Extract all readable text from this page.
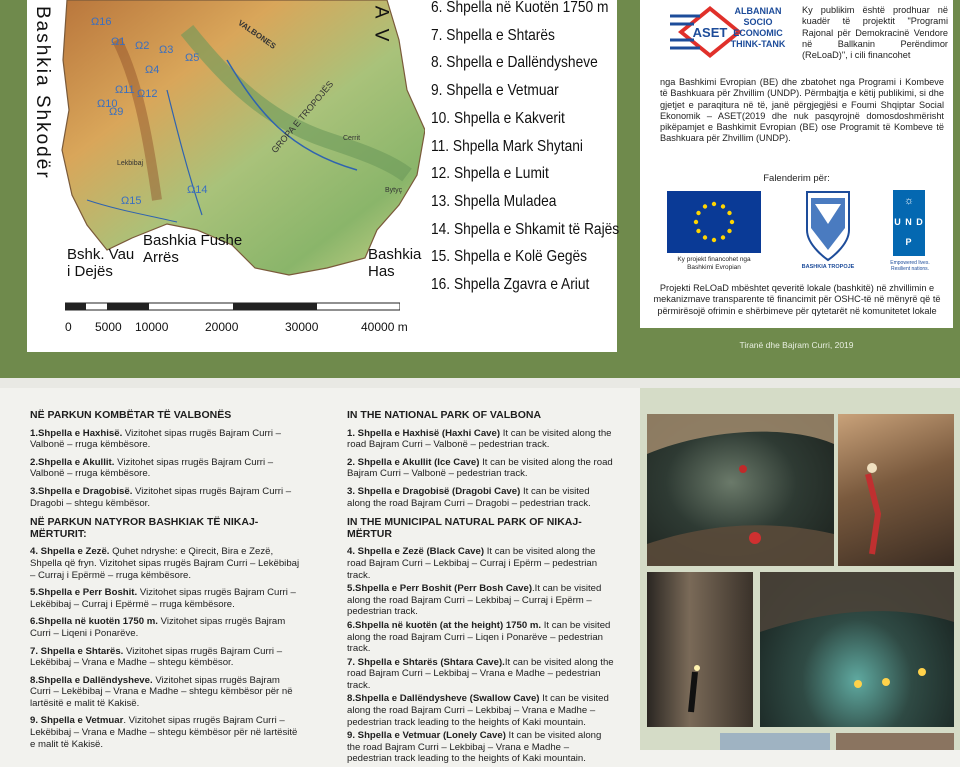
Bashkia Shkodër	A V
VALBONES
GROPA E TROPOJËS Cerrit
Lekbibaj
Bytyç
Bashkia Fushe Arrës
Bshk. Vau i Dejës
Bashkia Has
Ω16
Ω1 Ω2 Ω3
Ω5
Ω4
Ω11 Ω12
Ω10
Ω9
Ω14
Ω15
0 5000 10000	20000	30000	40000 m
6. Shpella në Kuotën 1750 m
7. Shpella e Shtarës
8. Shpella e Dallëndysheve
9. Shpella e Vetmuar
10. Shpella e Kakverit
11. Shpella Mark Shytani
12. Shpella e Lumit
13. Shpella Muladea
14. Shpella e Shkamit të Rajës
15. Shpella e Kolë Gegës
16. Shpella Zgavra e Ariut
ASET
ALBANIAN SOCIO ECONOMIC THINK-TANK
Ky publikim është prodhuar në kuadër të projektit "Programi Rajonal për Demokracinë Vendore në Ballkanin Perëndimor (ReLoaD)", i cili financohet
nga Bashkimi Evropian (BE) dhe zbatohet nga Programi i Kombeve të Bashkuara për Zhvillim (UNDP). Përmbajtja e këtij publikimi, si dhe gjetjet e paraqitura në të, janë përgjegjësi e Foumi Shqiptar Social Ekonomik – ASET(2019 dhe nuk pasqyrojnë domosdoshmërisht pikëpamjet e Bashkimit Evropian (BE) ose Programit të Kombeve të Bashkuara për Zhvillim (UNDP).
Falenderim për:
Ky projekt financohet nga Bashkimi Evropian	BASHKIA TROPOJE
☼
U N D P
Empowered lives. Resilient nations.
Projekti ReLOaD mbështet qeveritë lokale (bashkitë) në zhvillimin e mekanizmave transparente të financimit për OSHC-të në mënyrë që të përmirësojë ofrimin e shërbimeve për qytetarët në komunitetet lokale
Tiranë dhe Bajram Curri, 2019
NË PARKUN KOMBËTAR TË VALBONËS

1.Shpella e Haxhisë. Vizitohet sipas rrugës Bajram Curri – Valbonë – rruga këmbësore.

2.Shpella e Akullit. Vizitohet sipas rrugës Bajram Curri – Valbonë – rruga këmbësore.

3.Shpella e Dragobisë. Vizitohet sipas rrugës Bajram Curri – Dragobi – shtegu këmbësor.

NË PARKUN NATYROR BASHKIAK TË NIKAJ-MËRTURIT:

4. Shpella e Zezë. Quhet ndryshe: e Qirecit, Bira e Zezë, Shpella që fryn. Vizitohet sipas rrugës Bajram Curri – Lekëbibaj – Curraj i Epërmë – rruga këmbësore.

5.Shpella e Perr Boshit. Vizitohet sipas rrugës Bajram Curri – Lekëbibaj – Curraj i Epërmë – rruga këmbësore.

6.Shpella në kuotën 1750 m. Vizitohet sipas rrugës Bajram Curri – Liqeni i Ponarëve.

7. Shpella e Shtarës. Vizitohet sipas rrugës Bajram Curri – Lekëbibaj – Vrana e Madhe – shtegu këmbësor.

8.Shpella e Dallëndysheve. Vizitohet sipas rrugës Bajram Curri – Lekëbibaj – Vrana e Madhe – shtegu këmbësor për në lartësitë e malit të Kakisë.

9. Shpella e Vetmuar. Vizitohet sipas rrugës Bajram Curri – Lekëbibaj – Vrana e Madhe – shtegu këmbësor për në lartësitë e malit të Kakisë.

IN THE NATIONAL PARK OF VALBONA

1. Shpella e Haxhisë (Haxhi Cave) It can be visited along the road Bajram Curri – Valbonë – pedestrian track.

2. Shpella e Akullit (Ice Cave) It can be visited along the road Bajram Curri – Valbonë – pedestrian track.

3. Shpella e Dragobisë (Dragobi Cave) It can be visited along the road Bajram Curri – Dragobi – pedestrian track.

IN THE MUNICIPAL NATURAL PARK OF NIKAJ-MËRTUR

4. Shpella e Zezë (Black Cave) It can be visited along the road Bajram Curri – Lekbibaj – Curraj i Epërm – pedestrian track.

5.Shpella e Perr Boshit (Perr Bosh Cave).It can be visited along the road Bajram Curri – Lekbibaj – Curraj i Epërm – pedestrian track.

6.Shpella në kuotën (at the height) 1750 m. It can be visited along the road Bajram Curri – Liqen i Ponarëve – pedestrian track.

7. Shpella e Shtarës (Shtara Cave).It can be visited along the road Bajram Curri – Lekbibaj – Vrana e Madhe – pedestrian track.

8.Shpella e Dallëndysheve (Swallow Cave) It can be visited along the road Bajram Curri – Lekbibaj – Vrana e Madhe – pedestrian track leading to the heights of Kaki mountain.

9. Shpella e Vetmuar (Lonely Cave) It can be visited along the road Bajram Curri – Lekbibaj – Vrana e Madhe – pedestrian track leading to the heights of Kaki mountain.
